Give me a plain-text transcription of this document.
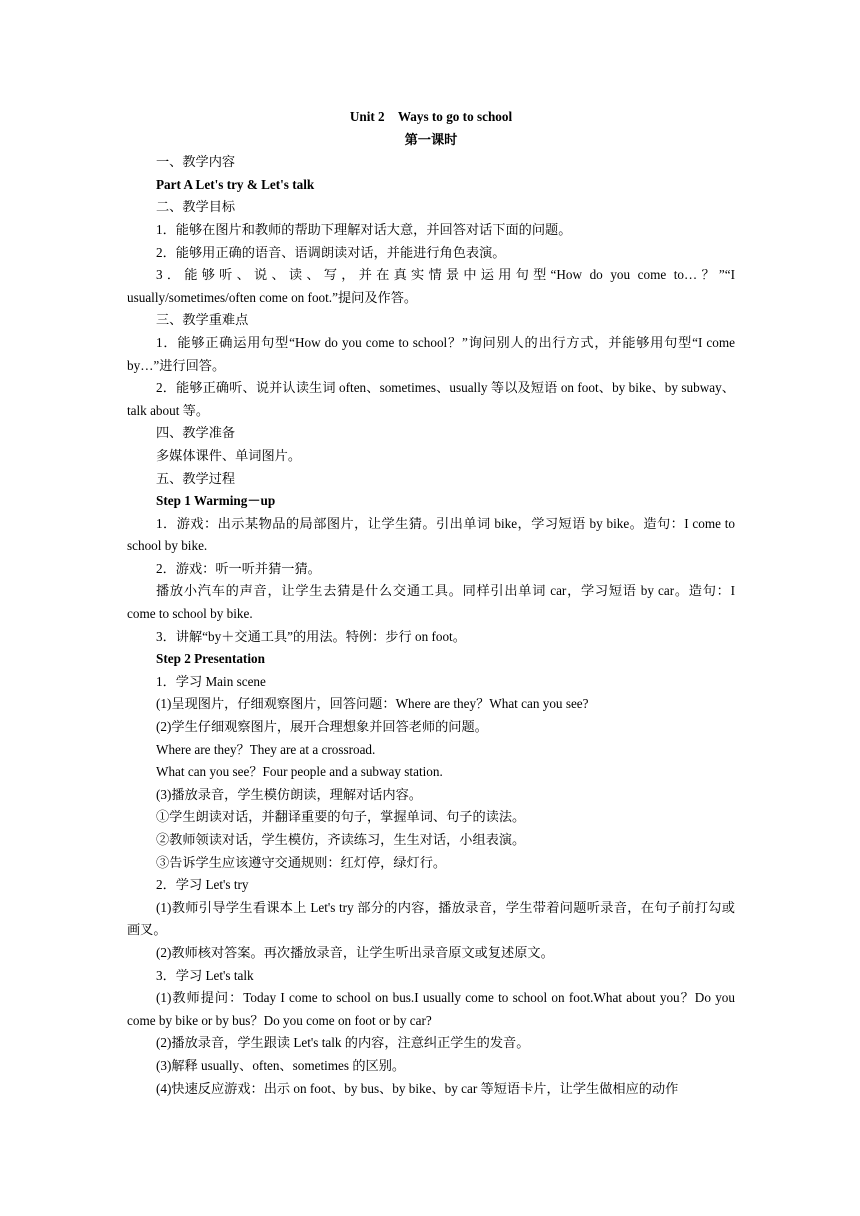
Unit 2　Ways to go to school
第一课时
一、教学内容
Part A Let's try & Let's talk
二、教学目标
1．能够在图片和教师的帮助下理解对话大意，并回答对话下面的问题。
2．能够用正确的语音、语调朗读对话，并能进行角色表演。
3．能够听、说、读、写，并在真实情景中运用句型“How do you come to…？”“I usually/sometimes/often come on foot.”提问及作答。
三、教学重难点
1．能够正确运用句型“How do you come to school？”询问别人的出行方式，并能够用句型“I come by…”进行回答。
2．能够正确听、说并认读生词 often、sometimes、usually 等以及短语 on foot、by bike、by subway、talk about 等。
四、教学准备
多媒体课件、单词图片。
五、教学过程
Step 1 Warming－up
1．游戏：出示某物品的局部图片，让学生猜。引出单词 bike，学习短语 by bike。造句：I come to school by bike.
2．游戏：听一听并猜一猜。
播放小汽车的声音，让学生去猜是什么交通工具。同样引出单词 car，学习短语 by car。造句：I come to school by bike.
3．讲解“by＋交通工具”的用法。特例：步行 on foot。
Step 2 Presentation
1．学习 Main scene
(1)呈现图片，仔细观察图片，回答问题：Where are they？What can you see?
(2)学生仔细观察图片，展开合理想象并回答老师的问题。
Where are they？They are at a crossroad.
What can you see？Four people and a subway station.
(3)播放录音，学生模仿朗读，理解对话内容。
①学生朗读对话，并翻译重要的句子，掌握单词、句子的读法。
②教师领读对话，学生模仿，齐读练习，生生对话，小组表演。
③告诉学生应该遵守交通规则：红灯停，绿灯行。
2．学习 Let's try
(1)教师引导学生看课本上 Let's try 部分的内容，播放录音，学生带着问题听录音，在句子前打勾或画叉。
(2)教师核对答案。再次播放录音，让学生听出录音原文或复述原文。
3．学习 Let's talk
(1)教师提问：Today I come to school on bus.I usually come to school on foot.What about you？Do you come by bike or by bus？Do you come on foot or by car?
(2)播放录音，学生跟读 Let's talk 的内容，注意纠正学生的发音。
(3)解释 usually、often、sometimes 的区别。
(4)快速反应游戏：出示 on foot、by bus、by bike、by car 等短语卡片，让学生做相应的动作
